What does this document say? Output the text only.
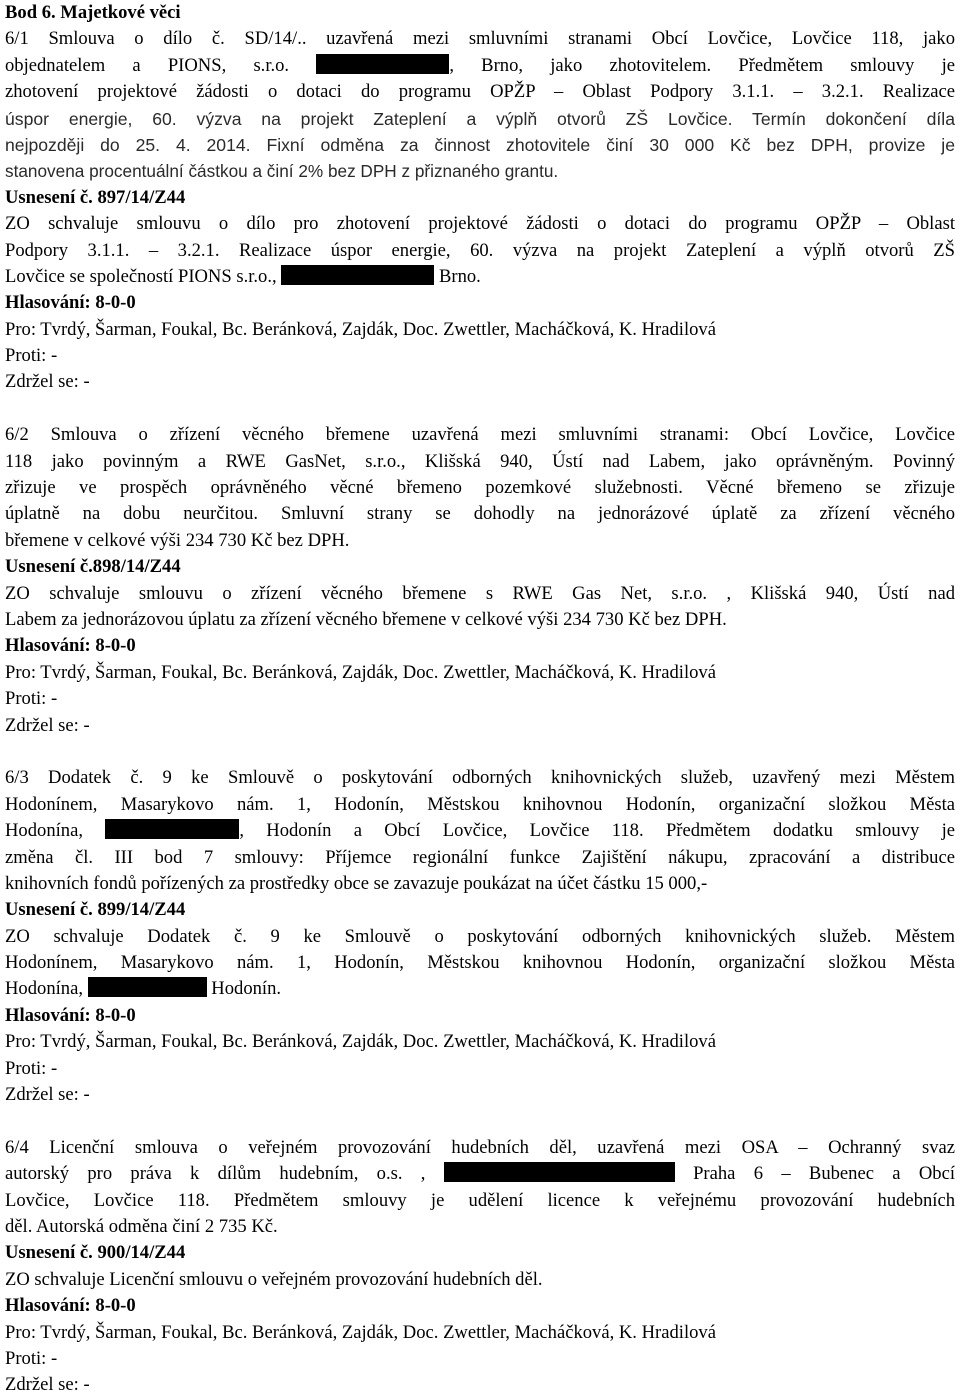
Bod 6. Majetkové věci
6/1 Smlouva o dílo č. SD/14/.. uzavřená mezi smluvními stranami Obcí Lovčice, Lovčice 118, jako
objednatelem a PIONS, s.r.o.	, Brno, jako zhotovitelem. Předmětem smlouvy je
zhotovení projektové žádosti o dotaci do programu OPŽP – Oblast Podpory 3.1.1. – 3.2.1. Realizace
úspor energie, 60. výzva na projekt Zateplení a výplň otvorů ZŠ Lovčice. Termín dokončení díla
nejpozději do 25. 4. 2014. Fixní odměna za činnost zhotovitele činí 30 000 Kč bez DPH, provize je
stanovena procentuální částkou a činí 2% bez DPH z přiznaného grantu.
Usnesení č. 897/14/Z44
ZO schvaluje smlouvu o dílo pro zhotovení projektové žádosti o dotaci do programu OPŽP – Oblast
Podpory 3.1.1. – 3.2.1. Realizace úspor energie, 60. výzva na projekt Zateplení a výplň otvorů ZŠ
Lovčice se společností PIONS s.r.o.,	Brno.
Hlasování: 8-0-0
Pro: Tvrdý, Šarman, Foukal, Bc. Beránková, Zajdák, Doc. Zwettler, Macháčková, K. Hradilová
Proti: -
Zdržel se: -
6/2 Smlouva o zřízení věcného břemene uzavřená mezi smluvními stranami: Obcí Lovčice, Lovčice
118 jako povinným a RWE GasNet, s.r.o., Klišská 940, Ústí nad Labem, jako oprávněným. Povinný
zřizuje ve prospěch oprávněného věcné břemeno pozemkové služebnosti. Věcné břemeno se zřizuje
úplatně na dobu neurčitou. Smluvní strany se dohodly na jednorázové úplatě za zřízení věcného
břemene v celkové výši 234 730 Kč bez DPH.
Usnesení č.898/14/Z44
ZO schvaluje smlouvu o zřízení věcného břemene s RWE Gas Net, s.r.o. , Klišská 940, Ústí nad
Labem za jednorázovou úplatu za zřízení věcného břemene v celkové výši 234 730 Kč bez DPH.
Hlasování: 8-0-0
Pro: Tvrdý, Šarman, Foukal, Bc. Beránková, Zajdák, Doc. Zwettler, Macháčková, K. Hradilová
Proti: -
Zdržel se: -
6/3 Dodatek č. 9 ke Smlouvě o poskytování odborných knihovnických služeb, uzavřený mezi Městem
Hodonínem, Masarykovo nám. 1, Hodonín, Městskou knihovnou Hodonín, organizační složkou Města
Hodonína,	, Hodonín a Obcí Lovčice, Lovčice 118. Předmětem dodatku smlouvy je
změna čl. III bod 7 smlouvy: Příjemce regionální funkce Zajištění nákupu, zpracování a distribuce
knihovních fondů pořízených za prostředky obce se zavazuje poukázat na účet částku 15 000,-
Usnesení č. 899/14/Z44
ZO schvaluje Dodatek č. 9 ke Smlouvě o poskytování odborných knihovnických služeb. Městem
Hodonínem, Masarykovo nám. 1, Hodonín, Městskou knihovnou Hodonín, organizační složkou Města
Hodonína,	Hodonín.
Hlasování: 8-0-0
Pro: Tvrdý, Šarman, Foukal, Bc. Beránková, Zajdák, Doc. Zwettler, Macháčková, K. Hradilová
Proti: -
Zdržel se: -
6/4 Licenční smlouva o veřejném provozování hudebních děl, uzavřená mezi OSA – Ochranný svaz
autorský pro práva k dílům hudebním, o.s. ,	Praha 6 – Bubenec a Obcí
Lovčice, Lovčice 118. Předmětem smlouvy je udělení licence k veřejnému provozování hudebních
děl. Autorská odměna činí 2 735 Kč.
Usnesení č. 900/14/Z44
ZO schvaluje Licenční smlouvu o veřejném provozování hudebních děl.
Hlasování: 8-0-0
Pro: Tvrdý, Šarman, Foukal, Bc. Beránková, Zajdák, Doc. Zwettler, Macháčková, K. Hradilová
Proti: -
Zdržel se: -
